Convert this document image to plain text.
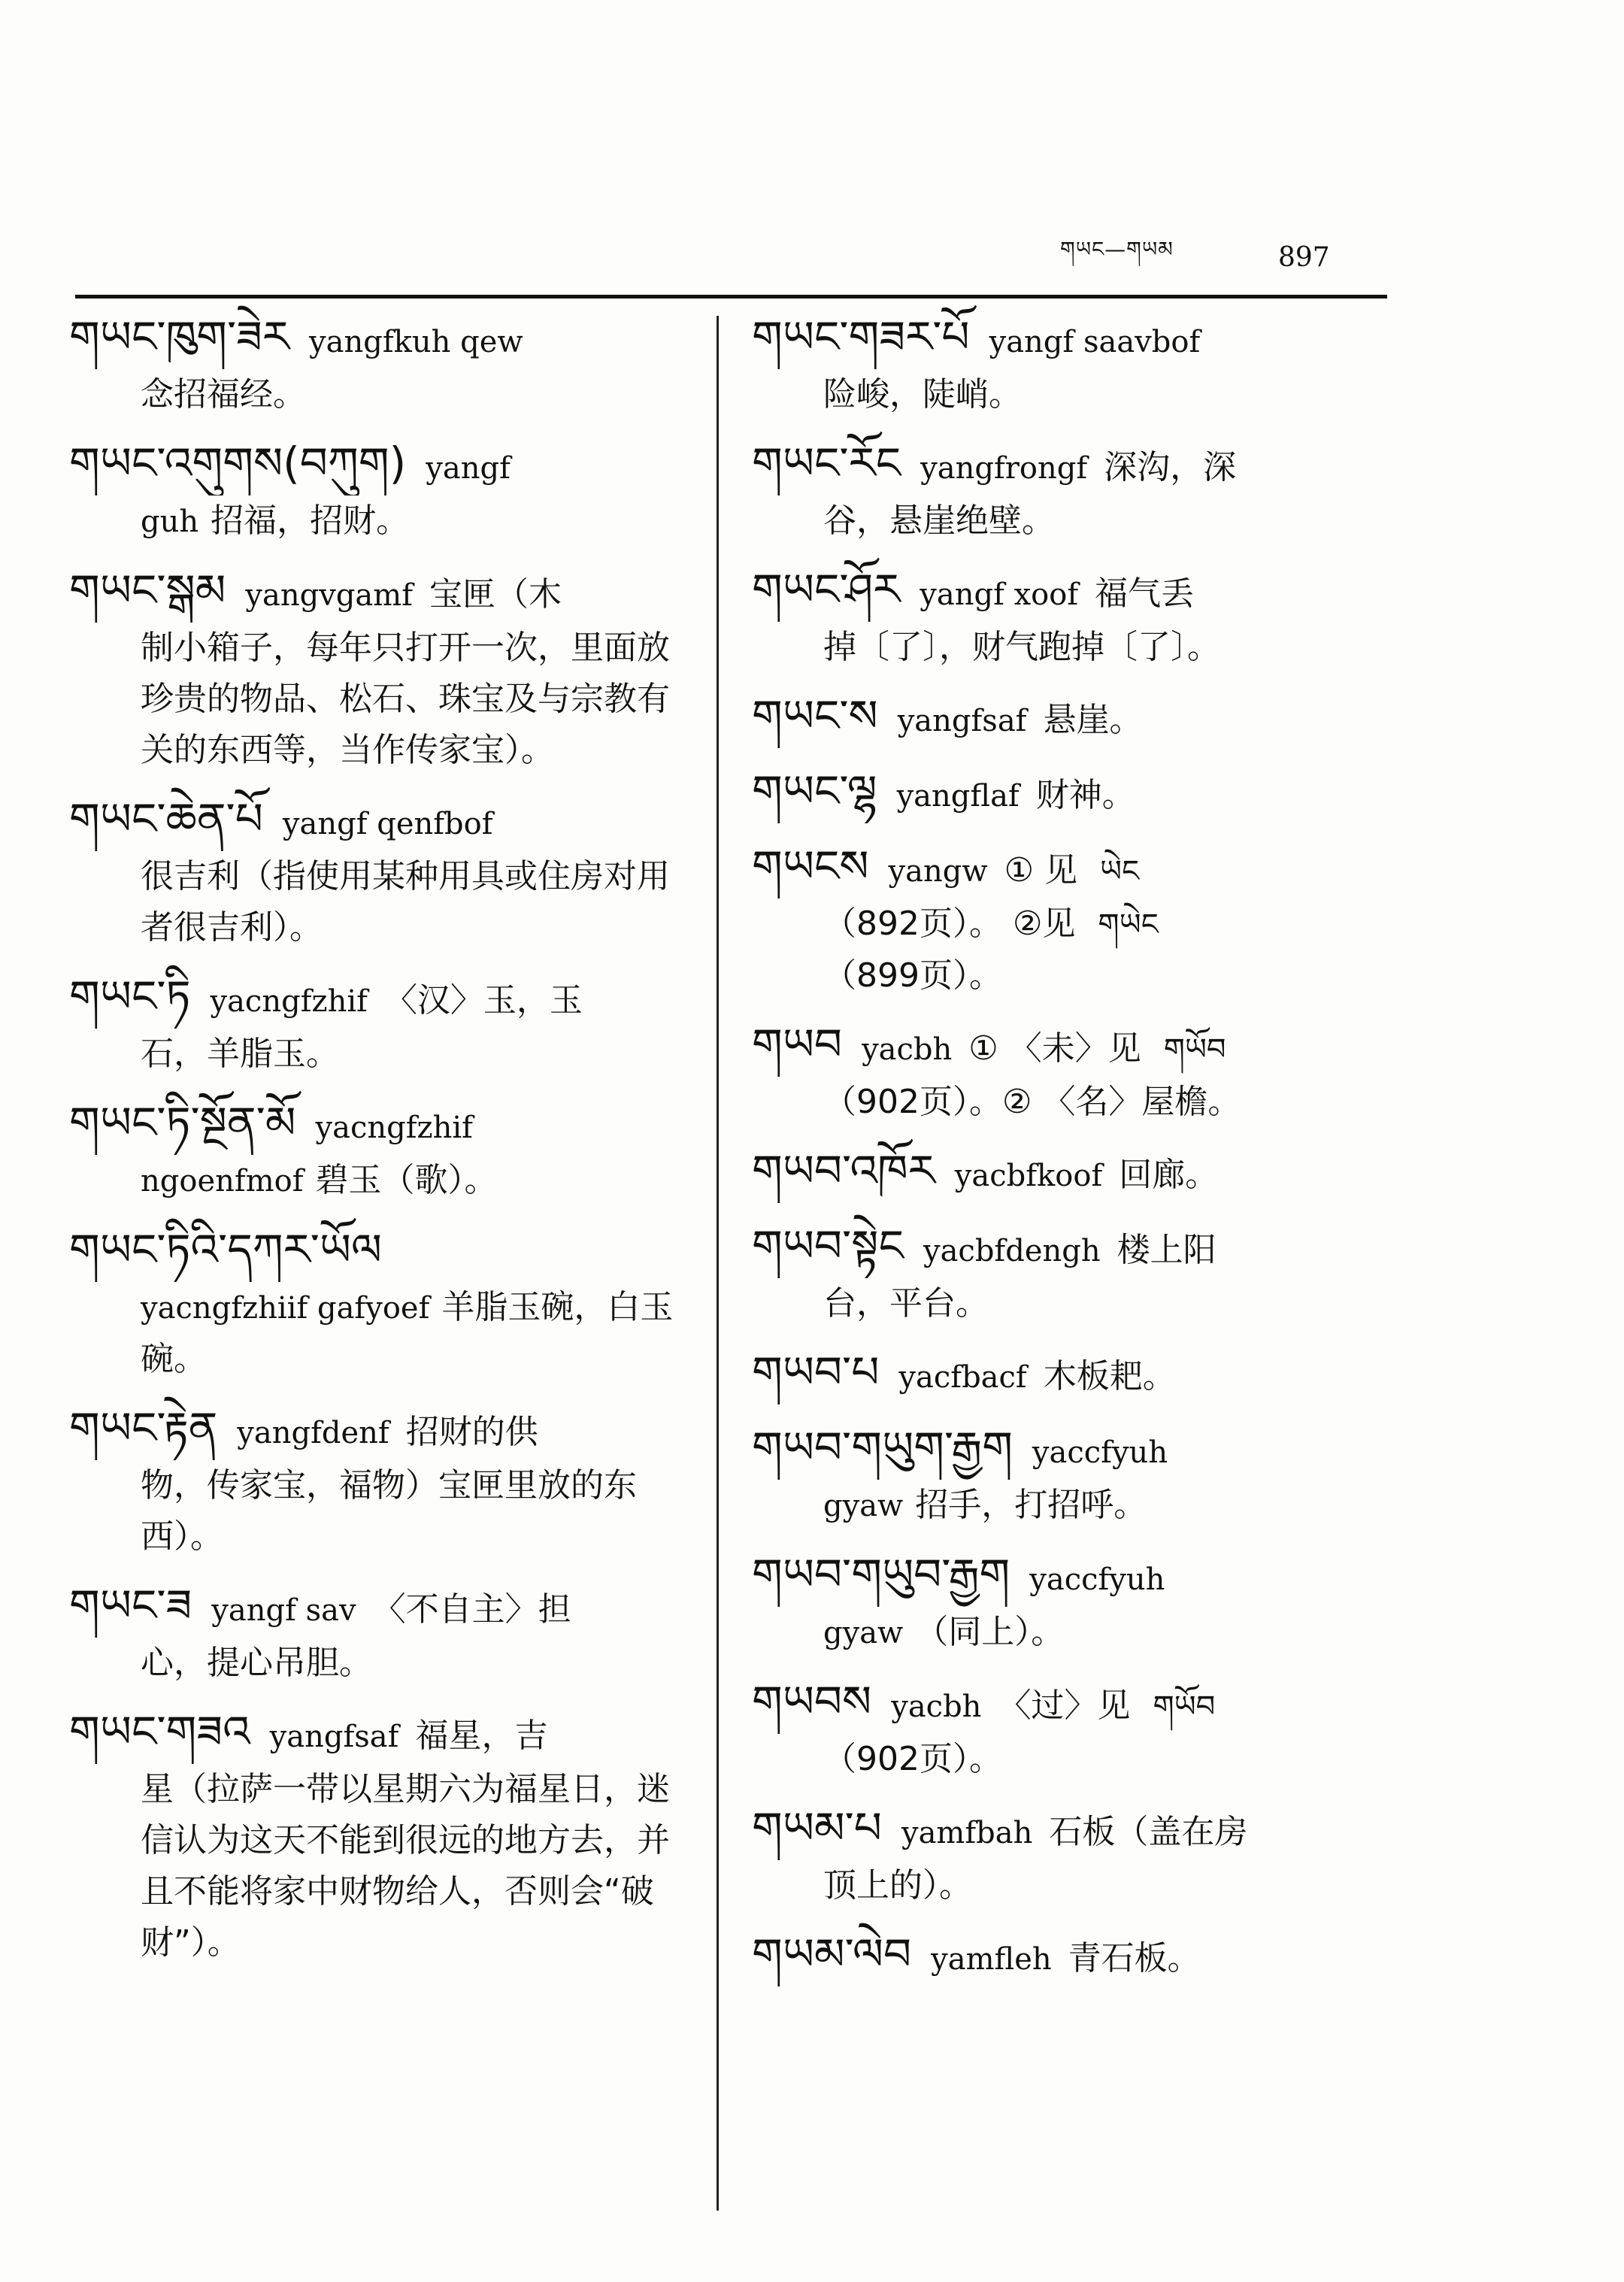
གཡང—གཡམ	897
གཡང་ཁུག་ཟེར yangfkuh qew
念招福经。
གཡང་འགུགས(བཀུག) yangf
guh 招福，招财。
གཡང་སྒམ yangvgamf 宝匣（木
制小箱子，每年只打开一次，里面放珍贵的物品、松石、珠宝及与宗教有关的东西等，当作传家宝）。
གཡང་ཆེན་པོ yangf qenfbof
很吉利（指使用某种用具或住房对用者很吉利）。
གཡང་ཏི yacngfzhif 〈汉〉玉，玉
石，羊脂玉。
གཡང་ཏི་སྔོན་མོ yacngfzhif
ngoenfmof 碧玉（歌）。
གཡང་ཏིའི་དཀར་ཡོལ
yacngfzhiif gafyoef 羊脂玉碗，白玉碗。
གཡང་རྟེན yangfdenf 招财的供
物，传家宝，福物）宝匣里放的东西）。
གཡང་ཟ yangf sav 〈不自主〉担
心，提心吊胆。
གཡང་གཟའ yangfsaf 福星，吉
星（拉萨一带以星期六为福星日，迷信认为这天不能到很远的地方去，并且不能将家中财物给人，否则会“破财”）。
གཡང་གཟར་པོ yangf saavbof
险峻，陡峭。
གཡང་རོང yangfrongf 深沟，深
谷，悬崖绝壁。
གཡང་ཤོར yangf xoof 福气丢
掉〔了〕，财气跑掉〔了〕。
གཡང་ས yangfsaf 悬崖。
གཡང་ལྷ yangflaf 财神。
གཡངས yangw ① 见 ཡེང
（892页）。 ②见 གཡེང
（899页）。
གཡབ yacbh ① 〈未〉见 གཡོབ
（902页）。② 〈名〉屋檐。
གཡབ་འཁོར yacbfkoof 回廊。
གཡབ་སྟེང yacbfdengh 楼上阳
台，平台。
གཡབ་པ yacfbacf 木板耙。
གཡབ་གཡུག་རྒྱག yaccfyuh
gyaw 招手，打招呼。
གཡབ་གཡུབ་རྒྱག yaccfyuh
gyaw （同上）。
གཡབས yacbh 〈过〉见 གཡོབ
（902页）。
གཡམ་པ yamfbah 石板（盖在房
顶上的）。
གཡམ་ལེབ yamfleh 青石板。
